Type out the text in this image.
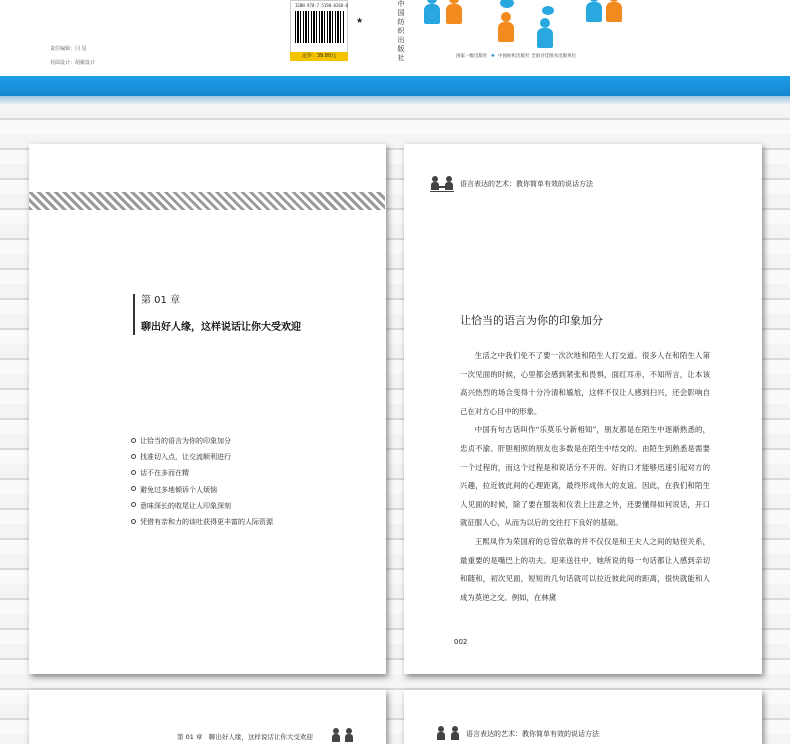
责任编辑：闫 星
封面设计：胡椒设计
ISBN 978-7-5190-0268-0
定价：39.80元
★
中
国
纺
织
出
版
社	国家一级出版社 ✺ 中国纺织出版社 全国百佳图书出版单位
第 01 章
聊出好人缘，这样说话让你大受欢迎
让恰当的语言为你的印象加分
找准切入点，让交流顺利进行
话不在多而在精
避免过多地倾诉个人烦恼
意味深长的收尾让人印象深刻
凭借有亲和力的谈吐获得更丰富的人际资源
语言表达的艺术：教你简单有效的说话方法
让恰当的语言为你的印象加分

生活之中我们免不了要一次次地和陌生人打交道。很多人在和陌生人第一次见面的时候，心里都会感到紧张和畏惧，面红耳赤，不知所言，让本该高兴热烈的场合变得十分冷清和尴尬，这样不仅让人感到扫兴，还会影响自己在对方心目中的形象。

中国有句古话叫作“乐莫乐兮新相知”，朋友都是在陌生中逐渐熟悉的，忠贞不渝、肝胆相照的朋友也多数是在陌生中结交的。由陌生到熟悉是需要一个过程的，而这个过程是和说话分不开的。好的口才能够迅速引起对方的兴趣，拉近彼此间的心理距离，最终形成伟大的友谊。因此，在我们和陌生人见面的时候，除了要在服装和仪表上注意之外，还要懂得如何说话，开口就征服人心，从而为以后的交往打下良好的基础。

王熙凤作为荣国府的总管依靠的并不仅仅是和王夫人之间的姑侄关系，最重要的是嘴巴上的功夫。迎来送往中，她所说的每一句话都让人感到亲切和随和，初次见面，短短的几句话就可以拉近彼此间的距离，很快就能和人成为莫逆之交。例如，在林黛

002
第 01 章　聊出好人缘，这样说话让你大受欢迎	语言表达的艺术：教你简单有效的说话方法
